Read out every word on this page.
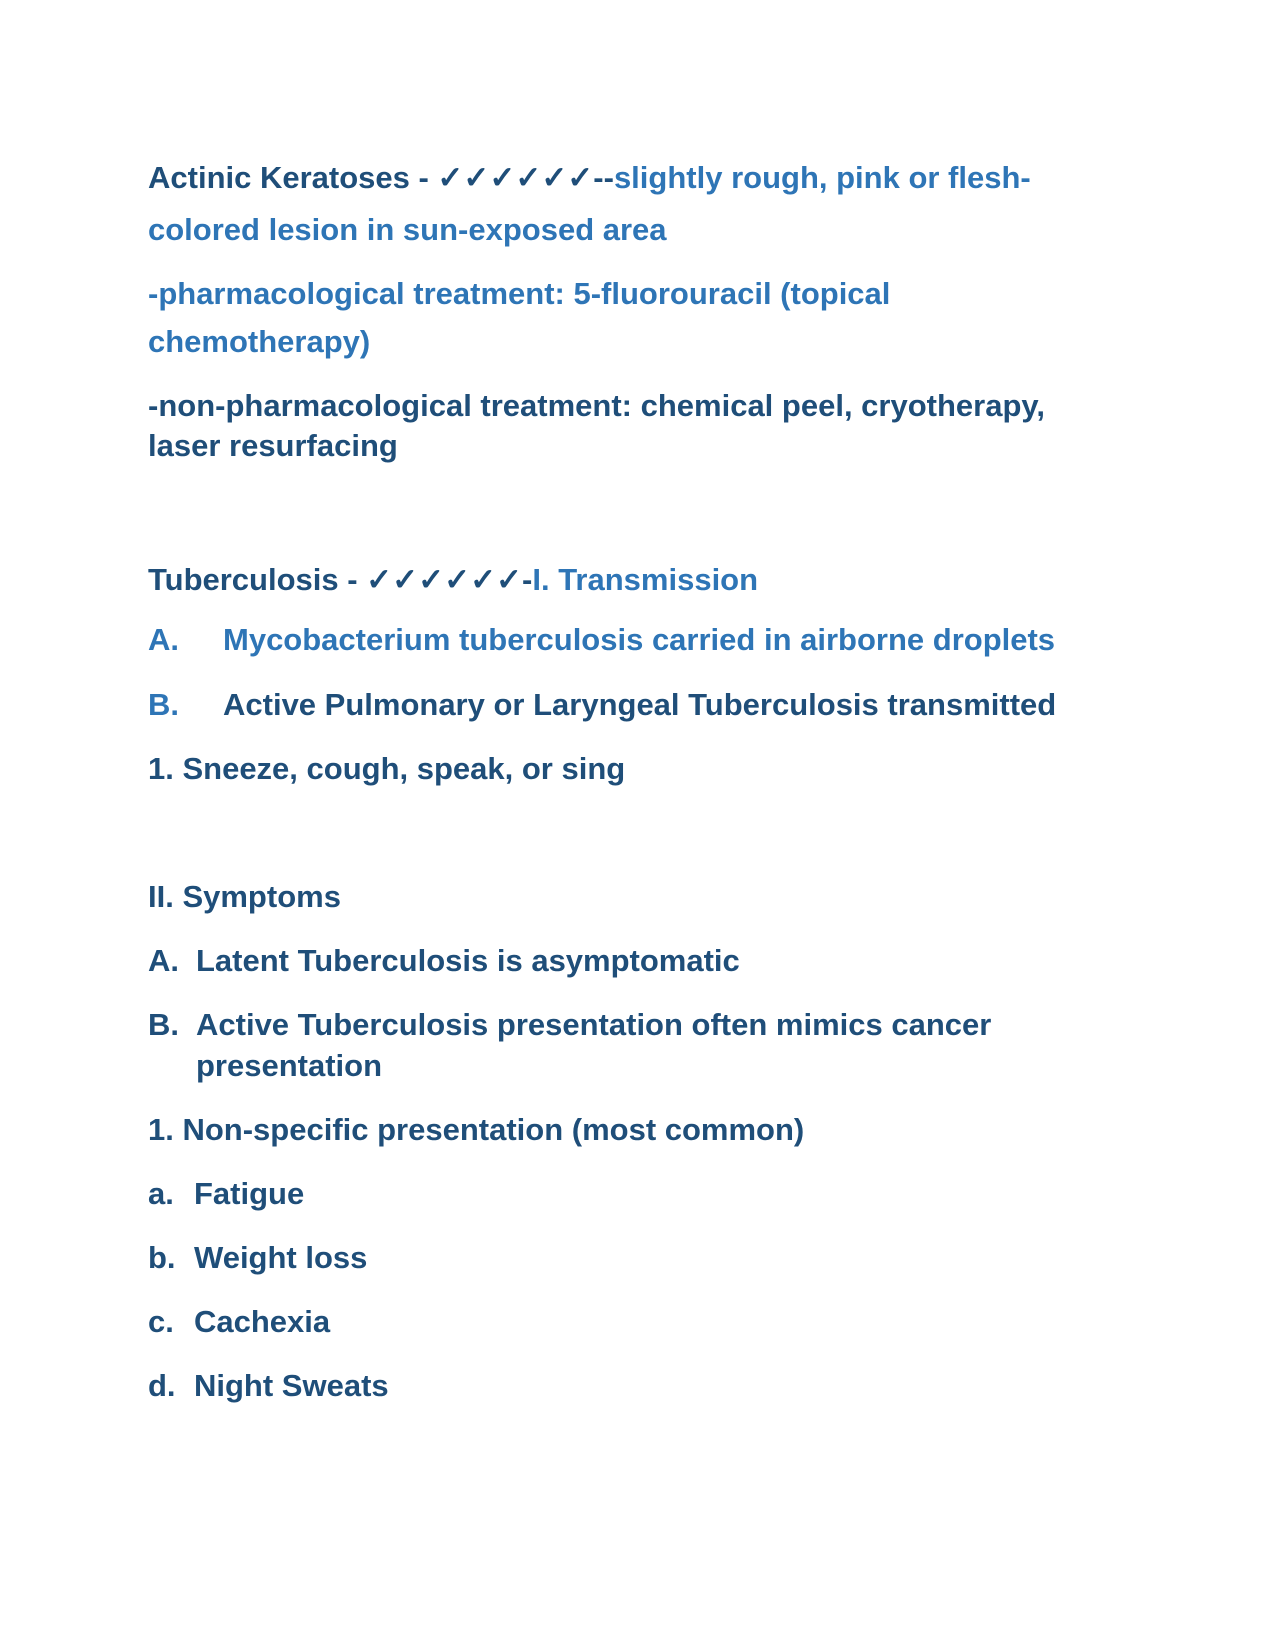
Actinic Keratoses - ✓✓✓✓✓✓--slightly rough, pink or flesh-
colored lesion in sun-exposed area
-pharmacological treatment: 5-fluorouracil (topical
chemotherapy)
-non-pharmacological treatment: chemical peel, cryotherapy,
laser resurfacing
Tuberculosis - ✓✓✓✓✓✓-I. Transmission
A. Mycobacterium tuberculosis carried in airborne droplets
B. Active Pulmonary or Laryngeal Tuberculosis transmitted
1. Sneeze, cough, speak, or sing
II. Symptoms
A. Latent Tuberculosis is asymptomatic
B. Active Tuberculosis presentation often mimics cancer
presentation
1. Non-specific presentation (most common)
a. Fatigue
b. Weight loss
c. Cachexia
d. Night Sweats
